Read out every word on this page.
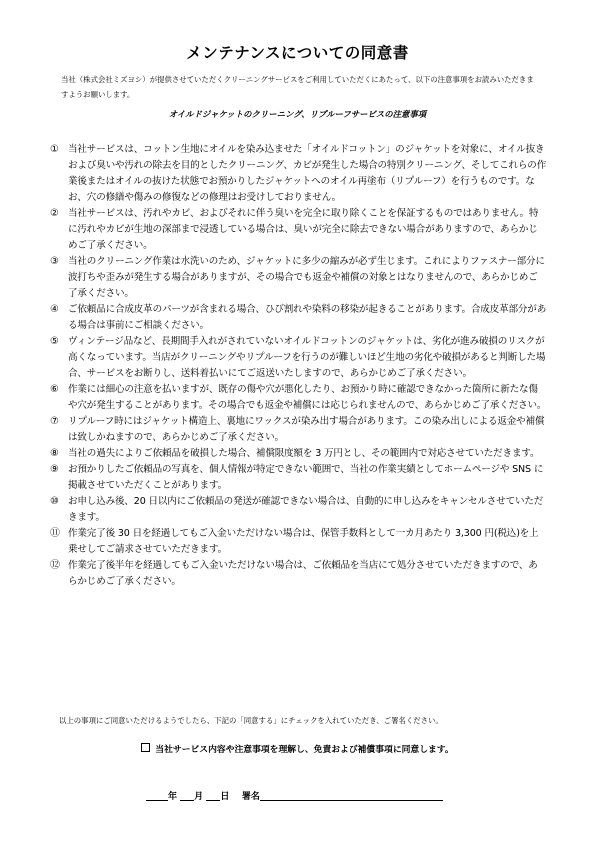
メンテナンスについての同意書
当社（株式会社ミズヨシ）が提供させていただくクリーニングサービスをご利用していただくにあたって、以下の注意事項をお読みいただきますようお願いします。
オイルドジャケットのクリーニング、リプルーフサービスの注意事項
① 当社サービスは、コットン生地にオイルを染み込ませた「オイルドコットン」のジャケットを対象に、オイル抜きおよび臭いや汚れの除去を目的としたクリーニング、カビが発生した場合の特別クリーニング、そしてこれらの作業後またはオイルの抜けた状態でお預かりしたジャケットへのオイル再塗布（リプルーフ）を行うものです。なお、穴の修繕や傷みの修復などの修理はお受けしておりません。
② 当社サービスは、汚れやカビ、およびそれに伴う臭いを完全に取り除くことを保証するものではありません。特に汚れやカビが生地の深部まで浸透している場合は、臭いが完全に除去できない場合がありますので、あらかじめご了承ください。
③ 当社のクリーニング作業は水洗いのため、ジャケットに多少の縮みが必ず生じます。これによりファスナー部分に波打ちや歪みが発生する場合がありますが、その場合でも返金や補償の対象とはなりませんので、あらかじめご了承ください。
④ ご依頼品に合成皮革のパーツが含まれる場合、ひび割れや染料の移染が起きることがあります。合成皮革部分がある場合は事前にご相談ください。
⑤ ヴィンテージ品など、長期間手入れがされていないオイルドコットンのジャケットは、劣化が進み破損のリスクが高くなっています。当店がクリーニングやリプルーフを行うのが難しいほど生地の劣化や破損があると判断した場合、サービスをお断りし、送料着払いにてご返送いたしますので、あらかじめご了承ください。
⑥ 作業には細心の注意を払いますが、既存の傷や穴が悪化したり、お預かり時に確認できなかった箇所に新たな傷や穴が発生することがあります。その場合でも返金や補償には応じられませんので、あらかじめご了承ください。
⑦ リプルーフ時にはジャケット構造上、裏地にワックスが染み出す場合があります。この染み出しによる返金や補償は致しかねますので、あらかじめご了承ください。
⑧ 当社の過失によりご依頼品を破損した場合、補償限度額を 3 万円とし、その範囲内で対応させていただきます。
⑨ お預かりしたご依頼品の写真を、個人情報が特定できない範囲で、当社の作業実績としてホームページや SNS に掲載させていただくことがあります。
⑩ お申し込み後、20 日以内にご依頼品の発送が確認できない場合は、自動的に申し込みをキャンセルさせていただきます。
⑪ 作業完了後 30 日を経過してもご入金いただけない場合は、保管手数料として一カ月あたり 3,300 円(税込)を上乗せしてご請求させていただきます。
⑫ 作業完了後半年を経過してもご入金いただけない場合は、ご依頼品を当店にて処分させていただきますので、あらかじめご了承ください。
以上の事項にご同意いただけるようでしたら、下記の「同意する」にチェックを入れていただき、ご署名ください。
当社サービス内容や注意事項を理解し、免責および補償事項に同意します。
年 月 日 署名
